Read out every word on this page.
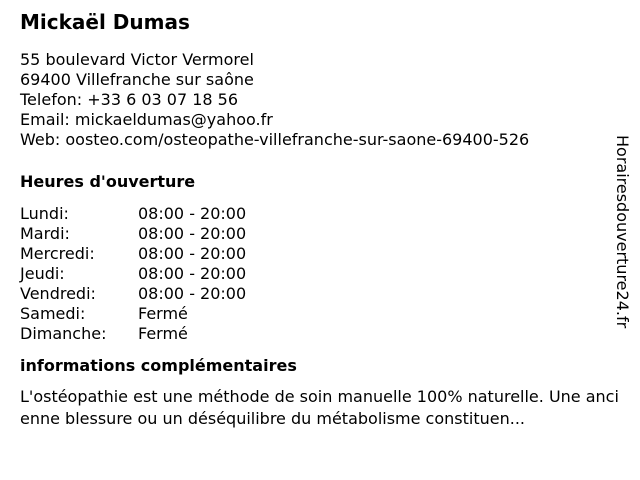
Mickaël Dumas
55 boulevard Victor Vermorel
69400 Villefranche sur saône
Telefon: +33 6 03 07 18 56
Email: mickaeldumas@yahoo.fr
Web: oosteo.com/osteopathe-villefranche-sur-saone-69400-526
Heures d'ouverture
Lundi:	08:00 - 20:00
Mardi:	08:00 - 20:00
Mercredi:	08:00 - 20:00
Jeudi:	08:00 - 20:00
Vendredi:	08:00 - 20:00
Samedi:	Fermé
Dimanche:	Fermé
informations complémentaires
L'ostéopathie est une méthode de soin manuelle 100% naturelle. Une ancienne blessure ou un déséquilibre du métabolisme constituen...
Horairesdouverture24.fr
